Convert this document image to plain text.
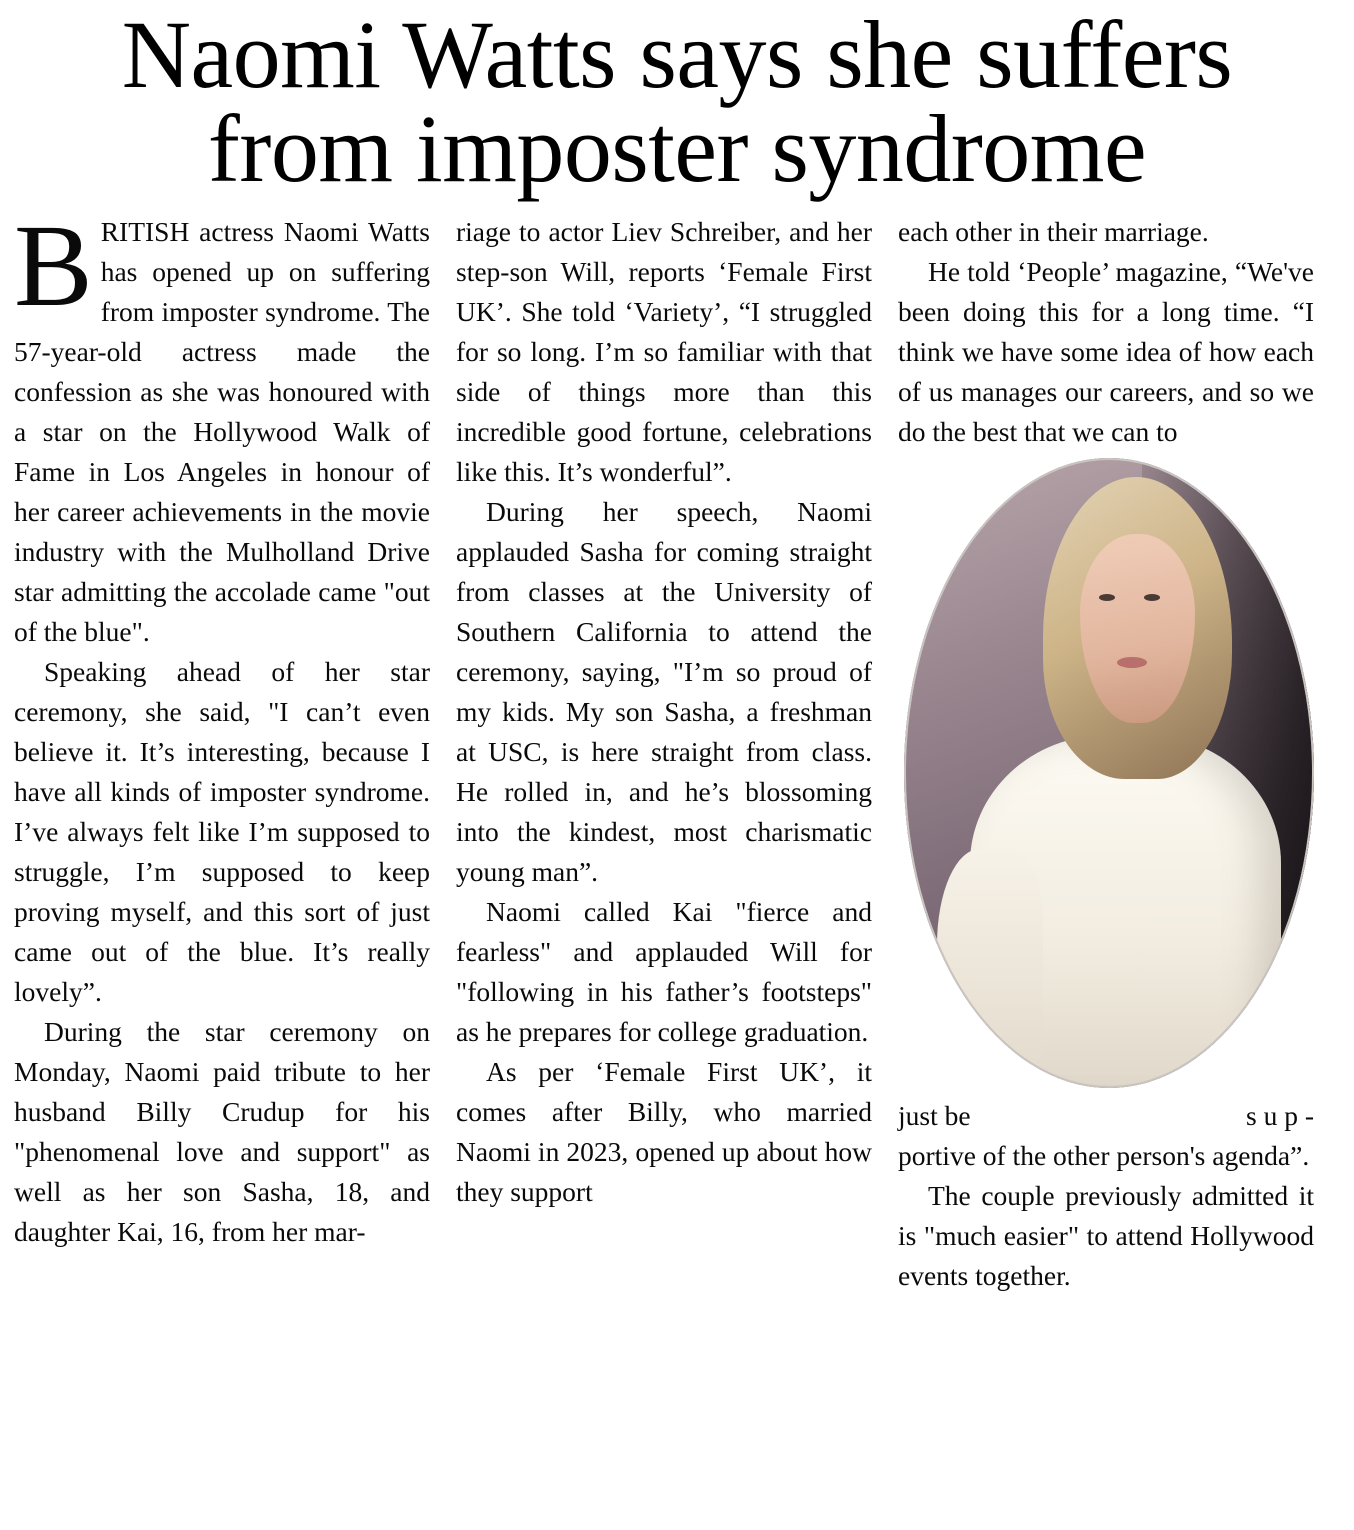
Naomi Watts says she suffers
from imposter syndrome

BRITISH actress Naomi Watts has opened up on suffering from imposter syndrome. The 57-year-old actress made the confession as she was honoured with a star on the Hollywood Walk of Fame in Los Angeles in honour of her career achievements in the movie industry with the Mulholland Drive star admitting the accolade came "out of the blue".

Speaking ahead of her star ceremony, she said, "I can’t even believe it. It’s interesting, because I have all kinds of imposter syndrome. I’ve always felt like I’m supposed to struggle, I’m supposed to keep proving myself, and this sort of just came out of the blue. It’s really lovely”.

During the star ceremony on Monday, Naomi paid tribute to her husband Billy Crudup for his "phenomenal love and support" as well as her son Sasha, 18, and daughter Kai, 16, from her mar-

riage to actor Liev Schreiber, and her step-son Will, reports ‘Female First UK’. She told ‘Variety’, “I struggled for so long. I’m so familiar with that side of things more than this incredible good fortune, celebrations like this. It’s wonderful”.

During her speech, Naomi applauded Sasha for coming straight from classes at the University of Southern California to attend the ceremony, saying, "I’m so proud of my kids. My son Sasha, a freshman at USC, is here straight from class. He rolled in, and he’s blossoming into the kindest, most charismatic young man”.

Naomi called Kai "fierce and fearless" and applauded Will for "following in his father’s footsteps" as he prepares for college graduation.

As per ‘Female First UK’, it comes after Billy, who married Naomi in 2023, opened up about how they support

each other in their marriage.

He told ‘People’ magazine, “We've been doing this for a long time. “I think we have some idea of how each of us manages our careers, and so we do the best that we can to

just be	s u p -

portive of the other person's agenda”.

The couple previously admitted it is "much easier" to attend Hollywood events together.
